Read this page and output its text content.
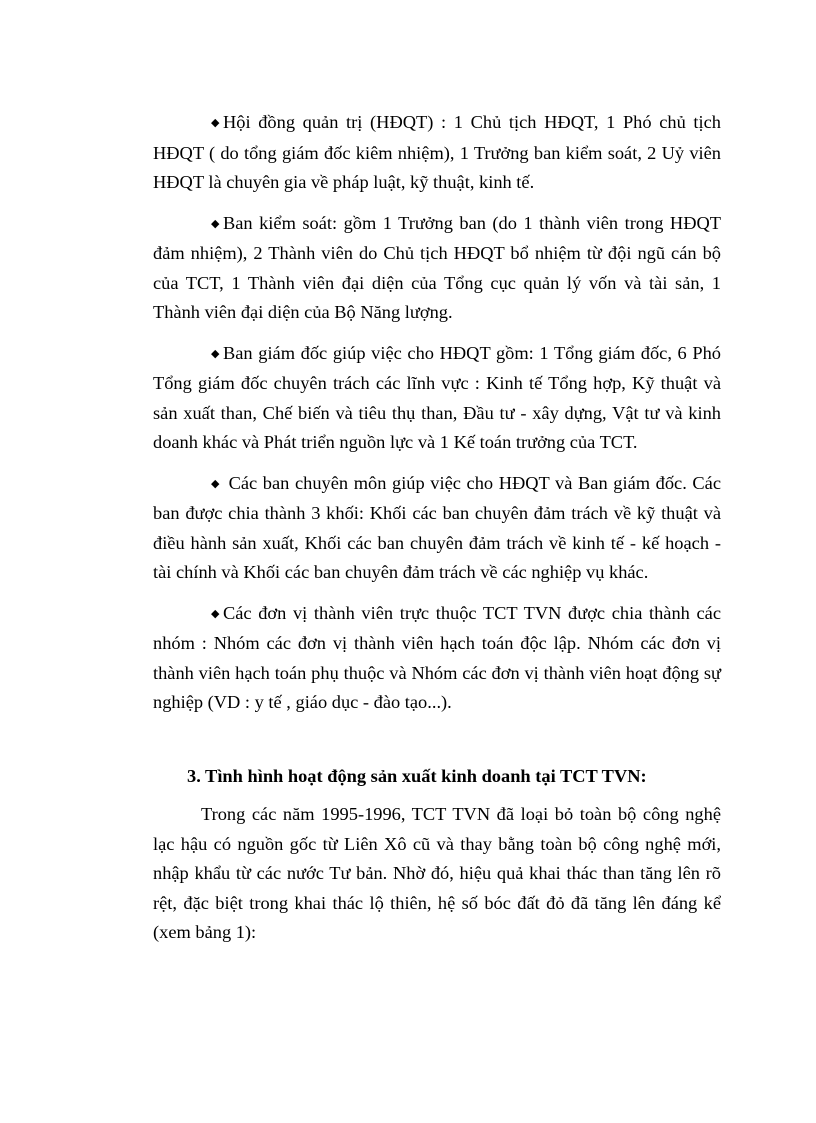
◆ Hội đồng quản trị (HĐQT) : 1 Chủ tịch HĐQT, 1 Phó chủ tịch HĐQT ( do tổng giám đốc kiêm nhiệm), 1 Trưởng ban kiểm soát, 2 Uỷ viên HĐQT là chuyên gia về pháp luật, kỹ thuật, kinh tế.

◆ Ban kiểm soát: gồm 1 Trưởng ban (do 1 thành viên trong HĐQT đảm nhiệm), 2 Thành viên do Chủ tịch HĐQT bổ nhiệm từ đội ngũ cán bộ của TCT, 1 Thành viên đại diện của Tổng cục quản lý vốn và tài sản, 1 Thành viên đại diện của Bộ Năng lượng.

◆ Ban giám đốc giúp việc cho HĐQT gồm: 1 Tổng giám đốc, 6 Phó Tổng giám đốc chuyên trách các lĩnh vực : Kinh tế Tổng hợp, Kỹ thuật và sản xuất than, Chế biến và tiêu thụ than, Đầu tư - xây dựng, Vật tư và kinh doanh khác và Phát triển nguồn lực và 1 Kế toán trưởng của TCT.

◆ Các ban chuyên môn giúp việc cho HĐQT và Ban giám đốc. Các ban được chia thành 3 khối: Khối các ban chuyên đảm trách về kỹ thuật và điều hành sản xuất, Khối các ban chuyên đảm trách về kinh tế - kế hoạch - tài chính và Khối các ban chuyên đảm trách về các nghiệp vụ khác.

◆ Các đơn vị thành viên trực thuộc TCT TVN được chia thành các nhóm : Nhóm các đơn vị thành viên hạch toán độc lập. Nhóm các đơn vị thành viên hạch toán phụ thuộc và Nhóm các đơn vị thành viên hoạt động sự nghiệp (VD : y tế , giáo dục - đào tạo...).

3. Tình hình hoạt động sản xuất kinh doanh tại TCT TVN:

Trong các năm 1995-1996, TCT TVN đã loại bỏ toàn bộ công nghệ lạc hậu có nguồn gốc từ Liên Xô cũ và thay bằng toàn bộ công nghệ mới, nhập khẩu từ các nước Tư bản. Nhờ đó, hiệu quả khai thác than tăng lên rõ rệt, đặc biệt trong khai thác lộ thiên, hệ số bóc đất đỏ đã tăng lên đáng kể (xem bảng 1):
